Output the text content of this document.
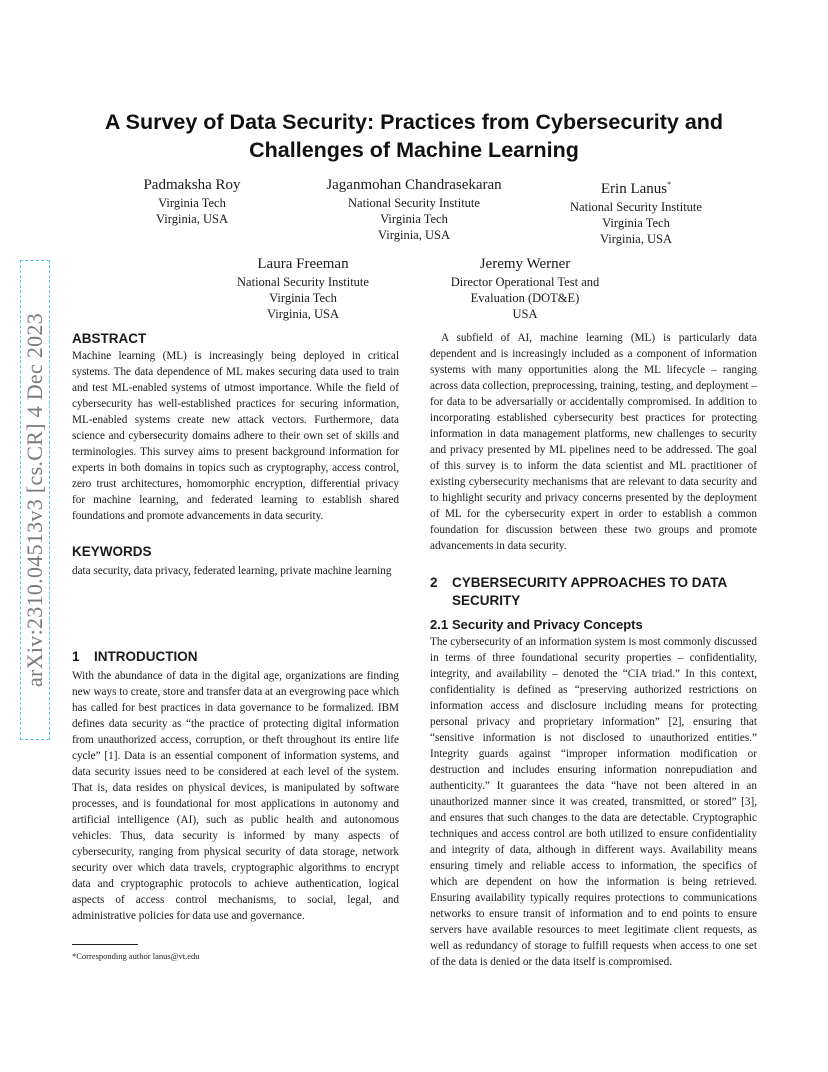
arXiv:2310.04513v3 [cs.CR] 4 Dec 2023
A Survey of Data Security: Practices from Cybersecurity and
Challenges of Machine Learning
Padmaksha Roy
Virginia Tech
Virginia, USA
Jaganmohan Chandrasekaran
National Security Institute
Virginia Tech
Virginia, USA
Erin Lanus*
National Security Institute
Virginia Tech
Virginia, USA
Laura Freeman
National Security Institute
Virginia Tech
Virginia, USA
Jeremy Werner
Director Operational Test and
Evaluation (DOT&E)
USA
ABSTRACT

Machine learning (ML) is increasingly being deployed in critical systems. The data dependence of ML makes securing data used to train and test ML-enabled systems of utmost importance. While the field of cybersecurity has well-established practices for securing information, ML-enabled systems create new attack vectors. Furthermore, data science and cybersecurity domains adhere to their own set of skills and terminologies. This survey aims to present background information for experts in both domains in topics such as cryptography, access control, zero trust architectures, homomorphic encryption, differential privacy for machine learning, and federated learning to establish shared foundations and promote advancements in data security.

KEYWORDS

data security, data privacy, federated learning, private machine learning

1 INTRODUCTION

With the abundance of data in the digital age, organizations are finding new ways to create, store and transfer data at an evergrowing pace which has called for best practices in data governance to be formalized. IBM defines data security as “the practice of protecting digital information from unauthorized access, corruption, or theft throughout its entire life cycle” [1]. Data is an essential component of information systems, and data security issues need to be considered at each level of the system. That is, data resides on physical devices, is manipulated by software processes, and is foundational for most applications in autonomy and artificial intelligence (AI), such as public health and autonomous vehicles. Thus, data security is informed by many aspects of cybersecurity, ranging from physical security of data storage, network security over which data travels, cryptographic algorithms to encrypt data and cryptographic protocols to achieve authentication, logical aspects of access control mechanisms, to social, legal, and administrative policies for data use and governance.

A subfield of AI, machine learning (ML) is particularly data dependent and is increasingly included as a component of information systems with many opportunities along the ML lifecycle – ranging across data collection, preprocessing, training, testing, and deployment – for data to be adversarially or accidentally compromised. In addition to incorporating established cybersecurity best practices for protecting information in data management platforms, new challenges to security and privacy presented by ML pipelines need to be addressed. The goal of this survey is to inform the data scientist and ML practitioner of existing cybersecurity mechanisms that are relevant to data security and to highlight security and privacy concerns presented by the deployment of ML for the cybersecurity expert in order to establish a common foundation for discussion between these two groups and promote advancements in data security.

2 CYBERSECURITY APPROACHES TO DATA
SECURITY
2.1 Security and Privacy Concepts

The cybersecurity of an information system is most commonly discussed in terms of three foundational security properties – confidentiality, integrity, and availability – denoted the “CIA triad.” In this context, confidentiality is defined as “preserving authorized restrictions on information access and disclosure including means for protecting personal privacy and proprietary information” [2], ensuring that “sensitive information is not disclosed to unauthorized entities.” Integrity guards against “improper information modification or destruction and includes ensuring information nonrepudiation and authenticity.” It guarantees the data “have not been altered in an unauthorized manner since it was created, transmitted, or stored” [3], and ensures that such changes to the data are detectable. Cryptographic techniques and access control are both utilized to ensure confidentiality and integrity of data, although in different ways. Availability means ensuring timely and reliable access to information, the specifics of which are dependent on how the information is being retrieved. Ensuring availability typically requires protections to communications networks to ensure transit of information and to end points to ensure servers have available resources to meet legitimate client requests, as well as redundancy of storage to fulfill requests when access to one set of the data is denied or the data itself is compromised.

*Corresponding author lanus@vt.edu
